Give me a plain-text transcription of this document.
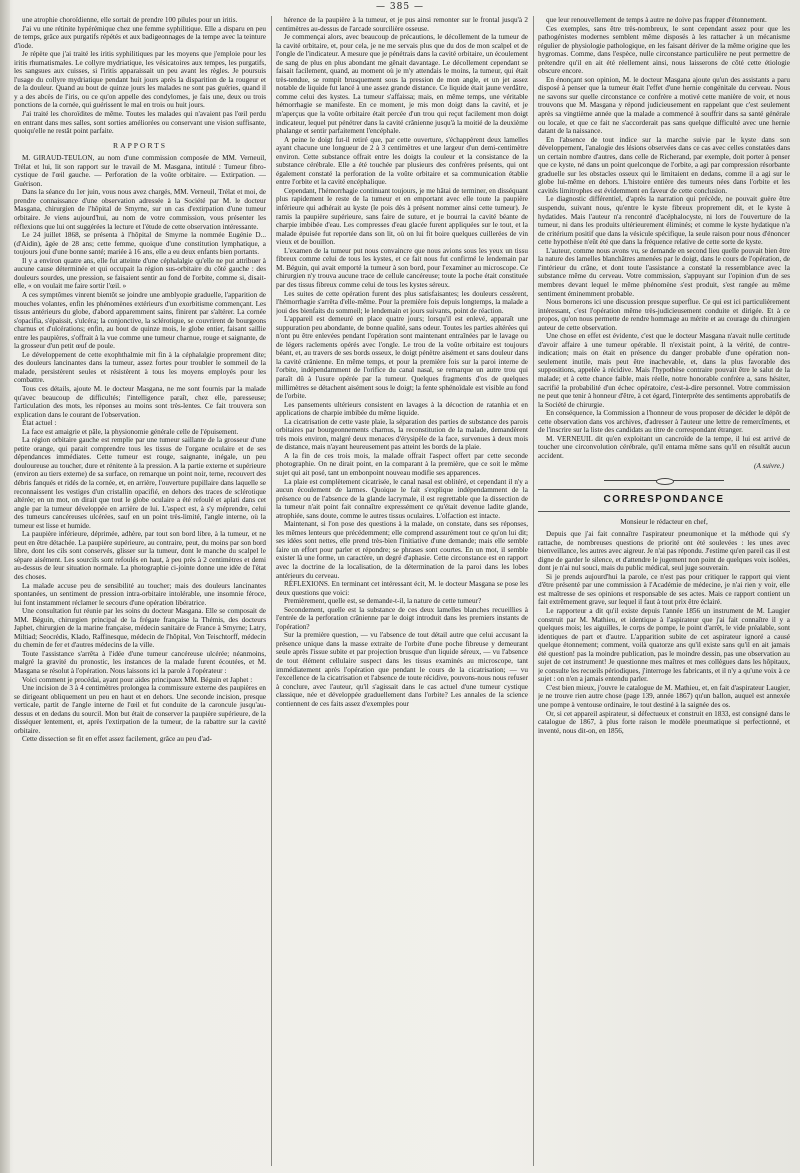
— 385 —

une atrophie choroïdienne, elle sortait de prendre 100 pilules pour un iritis.

J'ai vu une rétinite hypérémique chez une femme syphilitique. Elle a disparu en peu de temps, grâce aux purgatifs répétés et aux badigeonnages de la tempe avec la teinture d'iode.

Je répète que j'ai traité les iritis syphilitiques par les moyens que j'emploie pour les iritis rhumatismales. Le collyre mydriatique, les vésicatoires aux tempes, les purgatifs, les sangsues aux cuisses, si l'iritis apparaissait un peu avant les règles. Je poursuis l'usage du collyre mydriatique pendant huit jours après la disparition de la rougeur et de la douleur. Quand au bout de quinze jours les malades ne sont pas guéries, quand il y a des abcès de l'iris, ou ce qu'on appelle des condylomes, je fais une, deux ou trois ponctions de la cornée, qui guérissent le mal en trois ou huit jours.

J'ai traité les choroïdites de même. Toutes les malades qui n'avaient pas l'œil perdu en entrant dans mes salles, sont sorties améliorées ou conservant une vision suffisante, quoiqu'elle ne restât point parfaite.

RAPPORTS

M. GIRAUD-TEULON, au nom d'une commission composée de MM. Verneuil, Trélat et lui, lit son rapport sur le travail de M. Masgana, intitulé : Tumeur fibro-cystique de l'œil gauche. — Perforation de la voûte orbitaire. — Extirpation. — Guérison.

Dans la séance du 1er juin, vous nous avez chargés, MM. Verneuil, Trélat et moi, de prendre connaissance d'une observation adressée à la Société par M. le docteur Masgana, chirurgien de l'hôpital de Smyrne, sur un cas d'extirpation d'une tumeur orbitaire. Je viens aujourd'hui, au nom de votre commission, vous présenter les réflexions que lui ont suggérées la lecture et l'étude de cette observation intéressante.

Le 24 juillet 1868, se présenta à l'hôpital de Smyrne la nommée Eugénie D... (d'Aidin), âgée de 28 ans; cette femme, quoique d'une constitution lymphatique, a toujours joui d'une bonne santé; mariée à 16 ans, elle a eu deux enfants bien portants.

Il y a environ quatre ans, elle fut atteinte d'une céphalalgie qu'elle ne put attribuer à aucune cause déterminée et qui occupait la région sus-orbitaire du côté gauche : des douleurs sourdes, une pression, se faisaient sentir au fond de l'orbite, comme si, disait-elle, « on voulait me faire sortir l'œil. »

A ces symptômes vinrent bientôt se joindre une amblyopie graduelle, l'apparition de mouches volantes, enfin les phénomènes extérieurs d'un exorbitisme commençant. Les tissus antérieurs du globe, d'abord apparemment sains, finirent par s'altérer. La cornée s'opacifia, s'épaissit, s'ulcéra; la conjonctive, la sclérotique, se couvrirent de bourgeons charnus et d'ulcérations; enfin, au bout de quinze mois, le globe entier, faisant saillie entre les paupières, s'offrait à la vue comme une tumeur charnue, rouge et saignante, de la grosseur d'un petit œuf de poule.

Le développement de cette exophthalmie mit fin à la céphalalgie proprement dite; des douleurs lancinantes dans la tumeur, assez fortes pour troubler le sommeil de la malade, persistèrent seules et résistèrent à tous les moyens employés pour les combattre.

Tous ces détails, ajoute M. le docteur Masgana, ne me sont fournis par la malade qu'avec beaucoup de difficultés; l'intelligence paraît, chez elle, paresseuse; l'articulation des mots, les réponses au moins sont très-lentes. Ce fait trouvera son explication dans le courant de l'observation.

État actuel :

La face est amaigrie et pâle, la physionomie générale celle de l'épuisement.

La région orbitaire gauche est remplie par une tumeur saillante de la grosseur d'une petite orange, qui parait comprendre tous les tissus de l'organe oculaire et de ses dépendances immédiates. Cette tumeur est rouge, saignante, inégale, un peu douloureuse au toucher, dure et rénitente à la pression. A la partie externe et supérieure (environ au tiers externe) de sa surface, on remarque un point noir, terne, recouvert des débris fanqués et ridés de la cornée, et, en arrière, l'ouverture pupillaire dans laquelle se reconnaissent les vestiges d'un cristallin opacifié, en dehors des traces de sclérotique altérée; en un mot, on dirait que tout le globe oculaire a été refoulé et aplati dans cet angle par la tumeur développée en arrière de lui. L'aspect est, à s'y méprendre, celui des tumeurs cancéreuses ulcérées, sauf en un point très-limité, l'angle interne, où la tumeur est lisse et humide.

La paupière inférieure, déprimée, adhère, par tout son bord libre, à la tumeur, et ne peut en être détachée. La paupière supérieure, au contraire, peut, du moins par son bord libre, dont les cils sont conservés, glisser sur la tumeur, dont le manche du scalpel le sépare aisément. Les sourcils sont refoulés en haut, à peu près à 2 centimètres et demi au-dessus de leur situation normale. La photographie ci-jointe donne une idée de l'état des choses.

La malade accuse peu de sensibilité au toucher; mais des douleurs lancinantes spontanées, un sentiment de pression intra-orbitaire intolérable, une insomnie féroce, lui font instamment réclamer le secours d'une opération libératrice.

Une consultation fut réunie par les soins du docteur Masgana. Elle se composait de MM. Béguin, chirurgien principal de la frégate française la Thémis, des docteurs Japhet, chirurgien de la marine française, médecin sanitaire de France à Smyrne; Latry, Miltiad; Seocrédis, Klado, Raffinesque, médecin de l'hôpital, Von Teischtorff, médecin du chemin de fer et d'autres médecins de la ville.

Toute l'assistance s'arrêta à l'idée d'une tumeur cancéreuse ulcérée; néanmoins, malgré la gravité du pronostic, les instances de la malade furent écoutées, et M. Masgana se résolut à l'opération. Nous laissons ici la parole à l'opérateur :

Voici comment je procédai, ayant pour aides principaux MM. Béguin et Japhet :

Une incision de 3 à 4 centimètres prolongea la commissure externe des paupières en se dirigeant obliquement un peu en haut et en dehors. Une seconde incision, presque verticale, partit de l'angle interne de l'œil et fut conduite de la caroncule jusqu'au-dessus et en dedans du sourcil. Mon but était de conserver la paupière supérieure, de la disséquer lentement, et, après l'extirpation de la tumeur, de la rabattre sur la cavité orbitaire.

Cette dissection se fit en effet assez facilement, grâce au peu d'ad-

hérence de la paupière à la tumeur, et je pus ainsi remonter sur le frontal jusqu'à 2 centimètres au-dessus de l'arcade sourcilière osseuse.

Je commençai alors, avec beaucoup de précautions, le décollement de la tumeur de la cavité orbitaire, et, pour cela, je ne me servais plus que du dos de mon scalpel et de l'ongle de l'indicateur. A mesure que je pénétrais dans la cavité orbitaire, un écoulement de sang de plus en plus abondant me gênait davantage. Le décollement cependant se faisait facilement, quand, au moment où je m'y attendais le moins, la tumeur, qui était très-tendue, se rompit brusquement sous la pression de mon angle, et un jet assez notable de liquide fut lancé à une assez grande distance. Ce liquide était jaune verdâtre, comme celui des kystes. La tumeur s'affaissa; mais, en même temps, une véritable hémorrhagie se manifeste. En ce moment, je mis mon doigt dans la cavité, et je m'aperçus que la voûte orbitaire était percée d'un trou qui reçut facilement mon doigt indicateur, lequel put pénétrer dans la cavité crânienne jusqu'à la moitié de la deuxième phalange et sentir parfaitement l'encéphale.

A peine le doigt fut-il retiré que, par cette ouverture, s'échappèrent deux lamelles ayant chacune une longueur de 2 à 3 centimètres et une largeur d'un demi-centimètre environ. Cette substance offrait entre les doigts la couleur et la consistance de la substance cérébrale. Elle a été touchée par plusieurs des confrères présents, qui ont également constaté la perforation de la voûte orbitaire et sa communication établie entre l'orbite et la cavité encéphalique.

Cependant, l'hémorrhagie continuant toujours, je me hâtai de terminer, en disséquant plus rapidement le reste de la tumeur et en emportant avec elle toute la paupière inférieure qui adhérait au kyste (le pois dès à présent nommer ainsi cette tumeur). Je ramis la paupière supérieure, sans faire de suture, et je bourrai la cavité béante de charpie imbibée d'eau. Les compresses d'eau glacée furent appliquées sur le tout, et la malade épuisée fut reportée dans son lit, où on lui fit boire quelques cuillerées de vin vieux et de bouillon.

L'examen de la tumeur put nous convaincre que nous avions sous les yeux un tissu fibreux comme celui de tous les kystes, et ce fait nous fut confirmé le lendemain par M. Béguin, qui avait emporté la tumeur à son bord, pour l'examiner au microscope. Ce chirurgien n'y trouva aucune trace de cellule cancéreuse; toute la poche était constituée par des tissus fibreux comme celui de tous les kystes séreux.

Les suites de cette opération furent des plus satisfaisantes; les douleurs cessèrent, l'hémorrhagie s'arrêta d'elle-même. Pour la première fois depuis longtemps, la malade a joui des bienfaits du sommeil; le lendemain et jours suivants, point de réaction.

L'appareil est demeuré en place quatre jours; lorsqu'il est enlevé, apparaît une suppuration peu abondante, de bonne qualité, sans odeur. Toutes les parties altérées qui n'ont pu être enlevées pendant l'opération sont maintenant entraînées par le lavage ou de légers raclements opérés avec l'ongle. Le trou de la voûte orbitaire est toujours béant, et, au travers de ses bords osseux, le doigt pénètre aisément et sans douleur dans la cavité crânienne. En même temps, et pour la première fois sur la paroi interne de l'orbite, indépendamment de l'orifice du canal nasal, se remarque un autre trou qui paraît dû à l'usure opérée par la tumeur. Quelques fragments d'os de quelques millimètres se détachent aisément sous le doigt; la fente sphénoïdale est visible au fond de l'orbite.

Les pansements ultérieurs consistent en lavages à la décoction de ratanhia et en applications de charpie imbibée du même liquide.

La cicatrisation de cette vaste plaie, la séparation des parties de substance des parois orbitaires par bourgeonnements charnus, la reconstitution de la malade, demandèrent très mois environ, malgré deux menaces d'érysipèle de la face, survenues à deux mois de distance, mais n'ayant heureusement pas atteint les bords de la plaie.

A la fin de ces trois mois, la malade offrait l'aspect offert par cette seconde photographie. On ne dirait point, en la comparant à la première, que ce soit le même sujet qui ait posé, tant un embonpoint nouveau modifie ses apparences.

La plaie est complètement cicatrisée, le canal nasal est oblitéré, et cependant il n'y a aucun écoulement de larmes. Quoique le fait s'explique indépendamment de la présence ou de l'absence de la glande lacrymale, il est regrettable que la dissection de la tumeur n'ait point fait connaître expressément ce qu'était devenue ladite glande, atrophiée, sans doute, comme le autres tissus oculaires. L'olfaction est intacte.

Maintenant, si l'on pose des questions à la malade, on constate, dans ses réponses, les mêmes lenteurs que précédemment; elle comprend assurément tout ce qu'on lui dit; ses idées sont nettes, elle prend très-bien l'initiative d'une demande; mais elle semble faire un effort pour parler et répondre; se phrases sont courtes. En un mot, il semble exister là une forme, un caractère, un degré d'aphasie. Cette circonstance est en rapport avec la doctrine de la localisation, de la détermination de la paroi dans les lobes antérieurs du cerveau.

RÉFLEXIONS. En terminant cet intéressant écit, M. le docteur Masgana se pose les deux questions que voici:

Premièrement, quelle est, se demande-t-il, la nature de cette tumeur?

Secondement, quelle est la substance de ces deux lamelles blanches recueillies à l'entrée de la perforation crânienne par le doigt introduit dans les premiers instants de l'opération?

Sur la première question, — vu l'absence de tout détail autre que celui accusant la présence unique dans la masse extraite de l'orbite d'une poche fibreuse y demeurant seule après l'issue subite et par projection brusque d'un liquide séreux, — vu l'absence de tout élément cellulaire suspect dans les tissus examinés au microscope, tant immédiatement après l'opération que pendant le cours de la cicatrisation; — vu l'excellence de la cicatrisation et l'absence de toute récidive, pouvons-nous nous refuser à conclure, avec l'auteur, qu'il s'agissait dans le cas actuel d'une tumeur cystique classique, née et développée graduellement dans l'orbite? Les annales de la science contiennent de ces faits assez d'exemples pour

que leur renouvellement de temps à autre ne doive pas frapper d'étonnement.

Ces exemples, sans être très-nombreux, le sont cependant assez pour que les pathogénistes modernes semblent même disposés à les rattacher à un mécanisme régulier de physiologie pathologique, en les faisant dériver de la même origine que les hygromas. Comme, dans l'espèce, nulle circonstance particulière ne peut permettre de prétendre qu'il en ait été réellement ainsi, nous laisserons de côté cette étiologie obscure encore.

En énonçant son opinion, M. le docteur Masgana ajoute qu'un des assistants a paru disposé à penser que la tumeur était l'effet d'une hernie congénitale du cerveau. Nous ne savons sur quelle circonstance ce confrère a motivé cette manière de voir, et nous trouvons que M. Masgana y répond judicieusement en rappelant que c'est seulement après sa vingtième année que la malade a commencé à souffrir dans sa santé générale ou locale, et que ce fait ne s'accorderait pas sans quelque difficulté avec une hernie datant de la naissance.

En l'absence de tout indice sur la marche suivie par le kyste dans son développement, l'analogie des lésions observées dans ce cas avec celles constatées dans un certain nombre d'autres, dans celle de Richerand, par exemple, doit porter à penser que ce kyste, né dans un point quelconque de l'orbite, a agi par compression résorbante graduelle sur les obstacles osseux qui le limitaient en dedans, comme il a agi sur le globe lui-même en dehors. L'histoire entière des tumeurs nées dans l'orbite et les cavités limitrophes est évidemment en faveur de cette conclusion.

Le diagnostic différentiel, d'après la narration qui précède, ne pouvait guère être suspendu, suivant nous, qu'entre le kyste fibreux proprement dit, et le kyste à hydatides. Mais l'auteur n'a rencontré d'acéphalocyste, ni lors de l'ouverture de la tumeur, ni dans les produits ultérieurement éliminés; et comme le kyste hydatique n'a de critérium positif que dans la vésicule spécifique, la seule raison pour nous d'énoncer cette hypothèse n'eût été que dans la fréquence relative de cette sorte de kyste.

L'auteur, comme nous avons vu, se demande en second lieu quelle pouvait bien être la nature des lamelles blanchâtres amenées par le doigt, dans le cours de l'opération, de l'intérieur du crâne, et dont toute l'assistance a constaté la ressemblance avec la substance même du cerveau. Votre commission, s'appuyant sur l'opinion d'un de ses membres devant lequel le même phénomène s'est produit, s'est rangée au même sentiment éminemment probable.

Nous bornerons ici une discussion presque superflue. Ce qui est ici particulièrement intéressant, c'est l'opération même très-judicieusement conduite et dirigée. Et à ce propos, qu'on nous permette de rendre hommage au mérite et au courage du chirurgien auteur de cette observation.

Une chose en effet est évidente, c'est que le docteur Masgana n'avait nulle certitude d'avoir affaire à une tumeur opérable. Il n'existait point, à la vérité, de contre-indication; mais on était en présence du danger probable d'une opération non-seulement inutile, mais peut être inachevable, et, dans la plus favorable des suppositions, appelée à récidive. Mais l'hypothèse contraire pouvait être le salut de la malade; et à cette chance faible, mais réelle, notre honorable confrère a, sans hésiter, sacrifié la probabilité d'un échec opératoire, c'est-à-dire personnel. Votre commission ne peut que tenir à honneur d'être, à cet égard, l'interprète des sentiments approbatifs de la Société de chirurgie.

En conséquence, la Commission a l'honneur de vous proposer de décider le dépôt de cette observation dans vos archives, d'adresser à l'auteur une lettre de remercîments, et de l'inscrire sur la liste des candidats au titre de correspondant étranger.

M. VERNEUIL dit qu'en exploitant un cancroïde de la tempe, il lui est arrivé de toucher une circonvolution cérébrale, qu'il entama même sans qu'il en résultât aucun accident.

(A suivre.)
CORRESPONDANCE

Monsieur le rédacteur en chef,

Depuis que j'ai fait connaître l'aspirateur pneumonique et la méthode qui s'y rattache, de nombreuses questions de priorité ont été soulevées : les unes avec bienveillance, les autres avec aigreur. Je n'ai pas répondu. J'estime qu'en pareil cas il est digne de garder le silence, et d'attendre le jugement non point de quelques voix isolées, dont je n'ai nul souci, mais du public médical, seul juge souverain.

Si je prends aujourd'hui la parole, ce n'est pas pour critiquer le rapport qui vient d'être présenté par une commission à l'Académie de médecine, je n'ai rien y voir, elle est maîtresse de ses opinions et responsable de ses actes. Mais ce rapport contient un fait extrêmement grave, sur lequel il faut à tout prix être éclairé.

Le rapporteur a dit qu'il existe depuis l'année 1856 un instrument de M. Laugier construit par M. Mathieu, et identique à l'aspirateur que j'ai fait connaître il y a quelques mois; les aiguilles, le corps de pompe, le point d'arrêt, le vide préalable, sont identiques de part et d'autre. L'apparition subite de cet aspirateur ignoré a causé quelque étonnement; comment, voilà quatorze ans qu'il existe sans qu'il en ait jamais été question! pas la moindre publication, pas le moindre dessin, pas une observation au sujet de cet instrument! Je questionne mes maîtres et mes collègues dans les hôpitaux, je consulte les recueils périodiques, j'interroge les fabricants, et il n'y a qu'une voix à ce sujet : on n'en a jamais entendu parler.

C'est bien mieux, j'ouvre le catalogue de M. Mathieu, et, en fait d'aspirateur Laugier, je ne trouve rien autre chose (page 139, année 1867) qu'un ballon, auquel est annexée une pompe à ventouse ordinaire, le tout destiné à la saignée des os.

Or, si cet appareil aspirateur, si défectueux et construit en 1833, est consigné dans le catalogue de 1867, à plus forte raison le modèle pneumatique si perfectionné, et inventé, nous dit-on, en 1856,
